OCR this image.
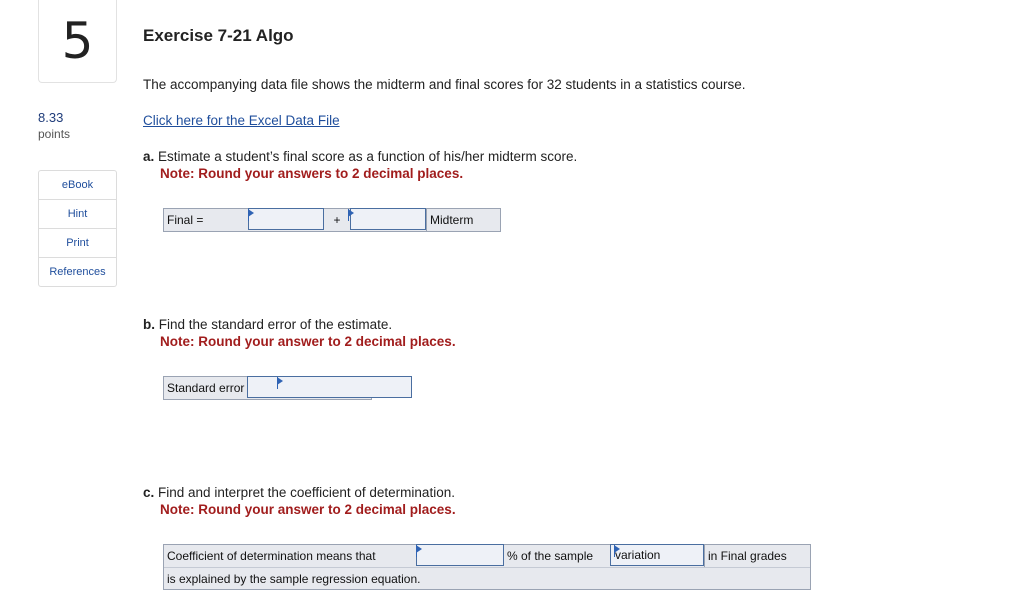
5
8.33
points
eBook
Hint
Print
References
Exercise 7-21 Algo
The accompanying data file shows the midterm and final scores for 32 students in a statistics course.
Click here for the Excel Data File
a. Estimate a student’s final score as a function of his/her midterm score.
Note: Round your answers to 2 decimal places.
Final =	+	Midterm
b. Find the standard error of the estimate.
Note: Round your answer to 2 decimal places.
Standard error
c. Find and interpret the coefficient of determination.
Note: Round your answer to 2 decimal places.
Coefficient of determination means that	% of the sample	variation	in Final grades
is explained by the sample regression equation.
